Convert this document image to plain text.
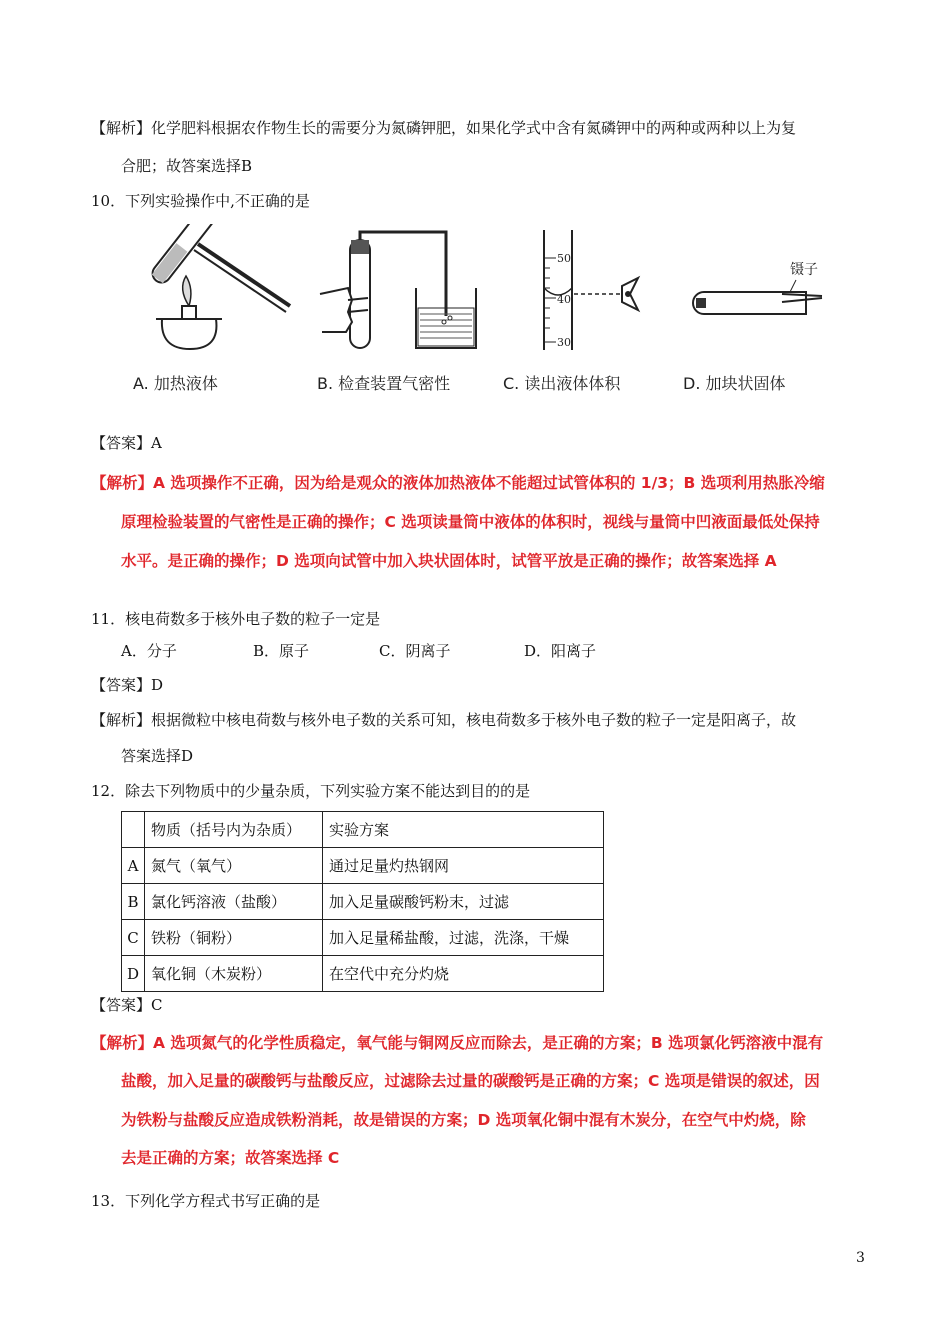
【解析】化学肥料根据农作物生长的需要分为氮磷钾肥，如果化学式中含有氮磷钾中的两种或两种以上为复
合肥；故答案选择B
10．下列实验操作中,不正确的是
A. 加热液体	B. 检查装置气密性
50
40
30
C. 读出液体体积
镊子
D. 加块状固体
【答案】A
【解析】A 选项操作不正确，因为给是观众的液体加热液体不能超过试管体积的 1/3；B 选项利用热胀冷缩
原理检验装置的气密性是正确的操作；C 选项读量筒中液体的体积时，视线与量筒中凹液面最低处保持
水平。是正确的操作；D 选项向试管中加入块状固体时，试管平放是正确的操作；故答案选择 A
11．核电荷数多于核外电子数的粒子一定是
A．分子	B．原子	C．阴离子	D．阳离子
【答案】D
【解析】根据微粒中核电荷数与核外电子数的关系可知，核电荷数多于核外电子数的粒子一定是阳离子，故
答案选择D
12．除去下列物质中的少量杂质，下列实验方案不能达到目的的是
	物质（括号内为杂质）	实验方案
A	氮气（氧气）	通过足量灼热钢网
B	氯化钙溶液（盐酸）	加入足量碳酸钙粉末，过滤
C	铁粉（铜粉）	加入足量稀盐酸，过滤，洗涤，干燥
D	氧化铜（木炭粉）	在空代中充分灼烧
【答案】C
【解析】A 选项氮气的化学性质稳定，氧气能与铜网反应而除去，是正确的方案；B 选项氯化钙溶液中混有
盐酸，加入足量的碳酸钙与盐酸反应，过滤除去过量的碳酸钙是正确的方案；C 选项是错误的叙述，因
为铁粉与盐酸反应造成铁粉消耗，故是错误的方案；D 选项氧化铜中混有木炭分，在空气中灼烧，除
去是正确的方案；故答案选择 C
13．下列化学方程式书写正确的是
3
